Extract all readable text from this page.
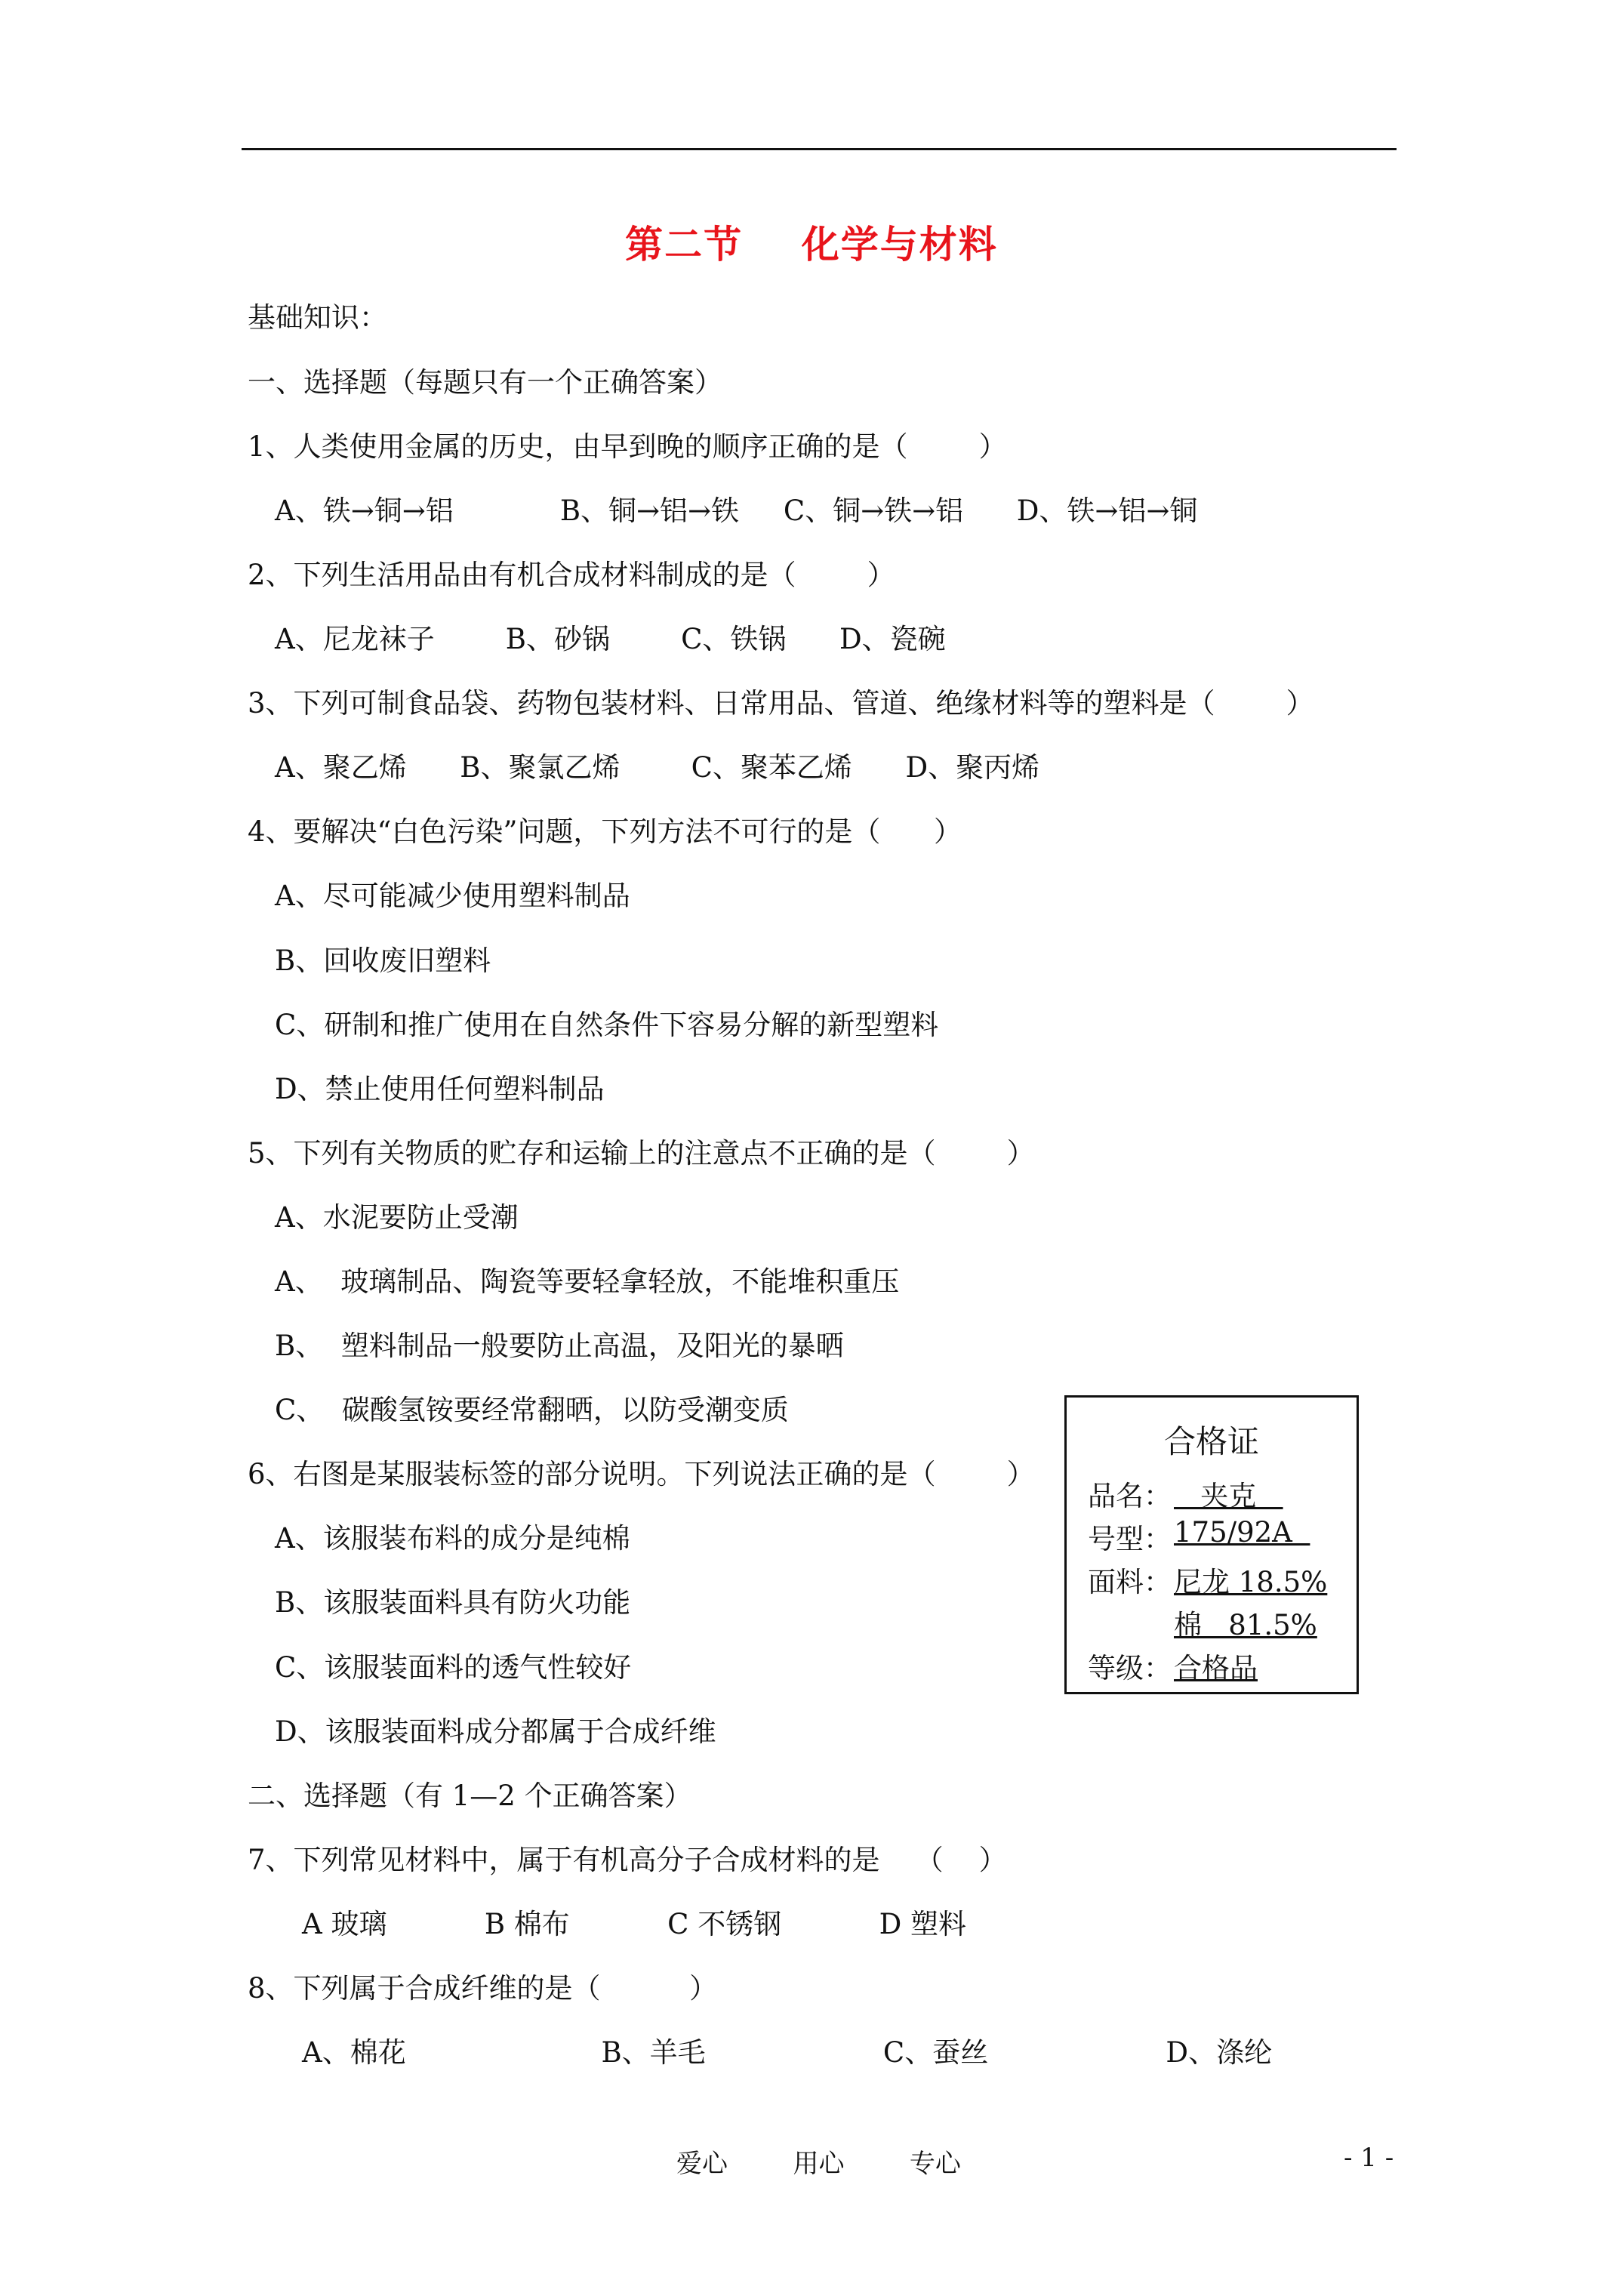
第二节    化学与材料
基础知识：
一、选择题（每题只有一个正确答案）
1、人类使用金属的历史，由早到晚的顺序正确的是（        ）
A、铁→铜→铝            B、铜→铝→铁     C、铜→铁→铝      D、铁→铝→铜
2、下列生活用品由有机合成材料制成的是（        ）
A、尼龙袜子        B、砂锅        C、铁锅      D、瓷碗
3、下列可制食品袋、药物包装材料、日常用品、管道、绝缘材料等的塑料是（        ）
A、聚乙烯      B、聚氯乙烯        C、聚苯乙烯      D、聚丙烯
4、要解决“白色污染”问题，下列方法不可行的是（      ）
A、尽可能减少使用塑料制品
B、回收废旧塑料
C、研制和推广使用在自然条件下容易分解的新型塑料
D、禁止使用任何塑料制品
5、下列有关物质的贮存和运输上的注意点不正确的是（        ）
A、水泥要防止受潮
A、  玻璃制品、陶瓷等要轻拿轻放，不能堆积重压
B、  塑料制品一般要防止高温，及阳光的暴晒
C、  碳酸氢铵要经常翻晒，以防受潮变质
6、右图是某服装标签的部分说明。下列说法正确的是（        ）
A、该服装布料的成分是纯棉
B、该服装面料具有防火功能
C、该服装面料的透气性较好
D、该服装面料成分都属于合成纤维
合格证
品名： 夹克
号型： 175/92A
面料： 尼龙 18.5%
棉   81.5%
等级： 合格品
二、选择题（有 1—2 个正确答案）
7、下列常见材料中，属于有机高分子合成材料的是    （    ）
A 玻璃           B 棉布           C 不锈钢           D 塑料
8、下列属于合成纤维的是（          ）
A、棉花                      B、羊毛                    C、蚕丝                    D、涤纶
爱心        用心        专心	- 1 -
